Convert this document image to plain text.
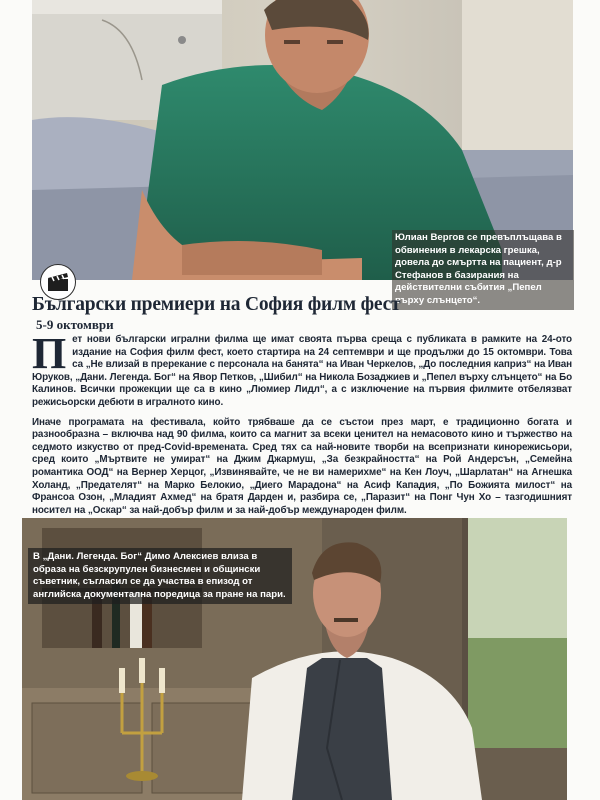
Юлиан Вергов се превъплъщава в обвинения в лекарска грешка, довела до смъртта на пациент, д-р Стефанов в базирания на действителни събития „Пепел върху слънцето“.
Български премиери на София филм фест
5-9 октомври

П ет нови български игрални филма ще имат своята първа среща с публиката в рамките на 24-ото издание на София филм фест, което стартира на 24 септември и ще продължи до 15 октомври. Това са „Не влизай в пререкание с персонала на банята“ на Иван Черкелов, „До последния каприз“ на Иван Юруков, „Дани. Легенда. Бог“ на Явор Петков, „Шибил“ на Никола Бозаджиев и „Пепел върху слънцето“ на Бо Калинов. Всички прожекции ще са в кино „Люмиер Лидл“, а с изключение на първия филмите отбелязват режисьорски дебюти в игралното кино.

Иначе програмата на фестивала, който трябваше да се състои през март, е традиционно богата и разнообразна – включва над 90 филма, които са магнит за всеки ценител на немасовото кино и тържество на седмото изкуство от пред-Covid-времената. Сред тях са най-новите творби на всепризнати кинорежисьори, сред които „Мъртвите не умират“ на Джим Джармуш, „За безкрайността“ на Рой Андерсън, „Семейна романтика ООД“ на Вернер Херцог, „Извинявайте, че не ви намерихме“ на Кен Лоуч, „Шарлатан“ на Агнешка Холанд, „Предателят“ на Марко Белокио, „Диего Марадона“ на Асиф Кападия, „По Божията милост“ на Франсоа Озон, „Младият Ахмед“ на братя Дарден и, разбира се, „Паразит“ на Понг Чун Хо – тазгодишният носител на „Оскар“ за най-добър филм и за най-добър международен филм.

В „Дани. Легенда. Бог“ Димо Алексиев влиза в образа на безскрупулен бизнесмен и общински съветник, съгласил се да участва в епизод от английска документална поредица за пране на пари.
